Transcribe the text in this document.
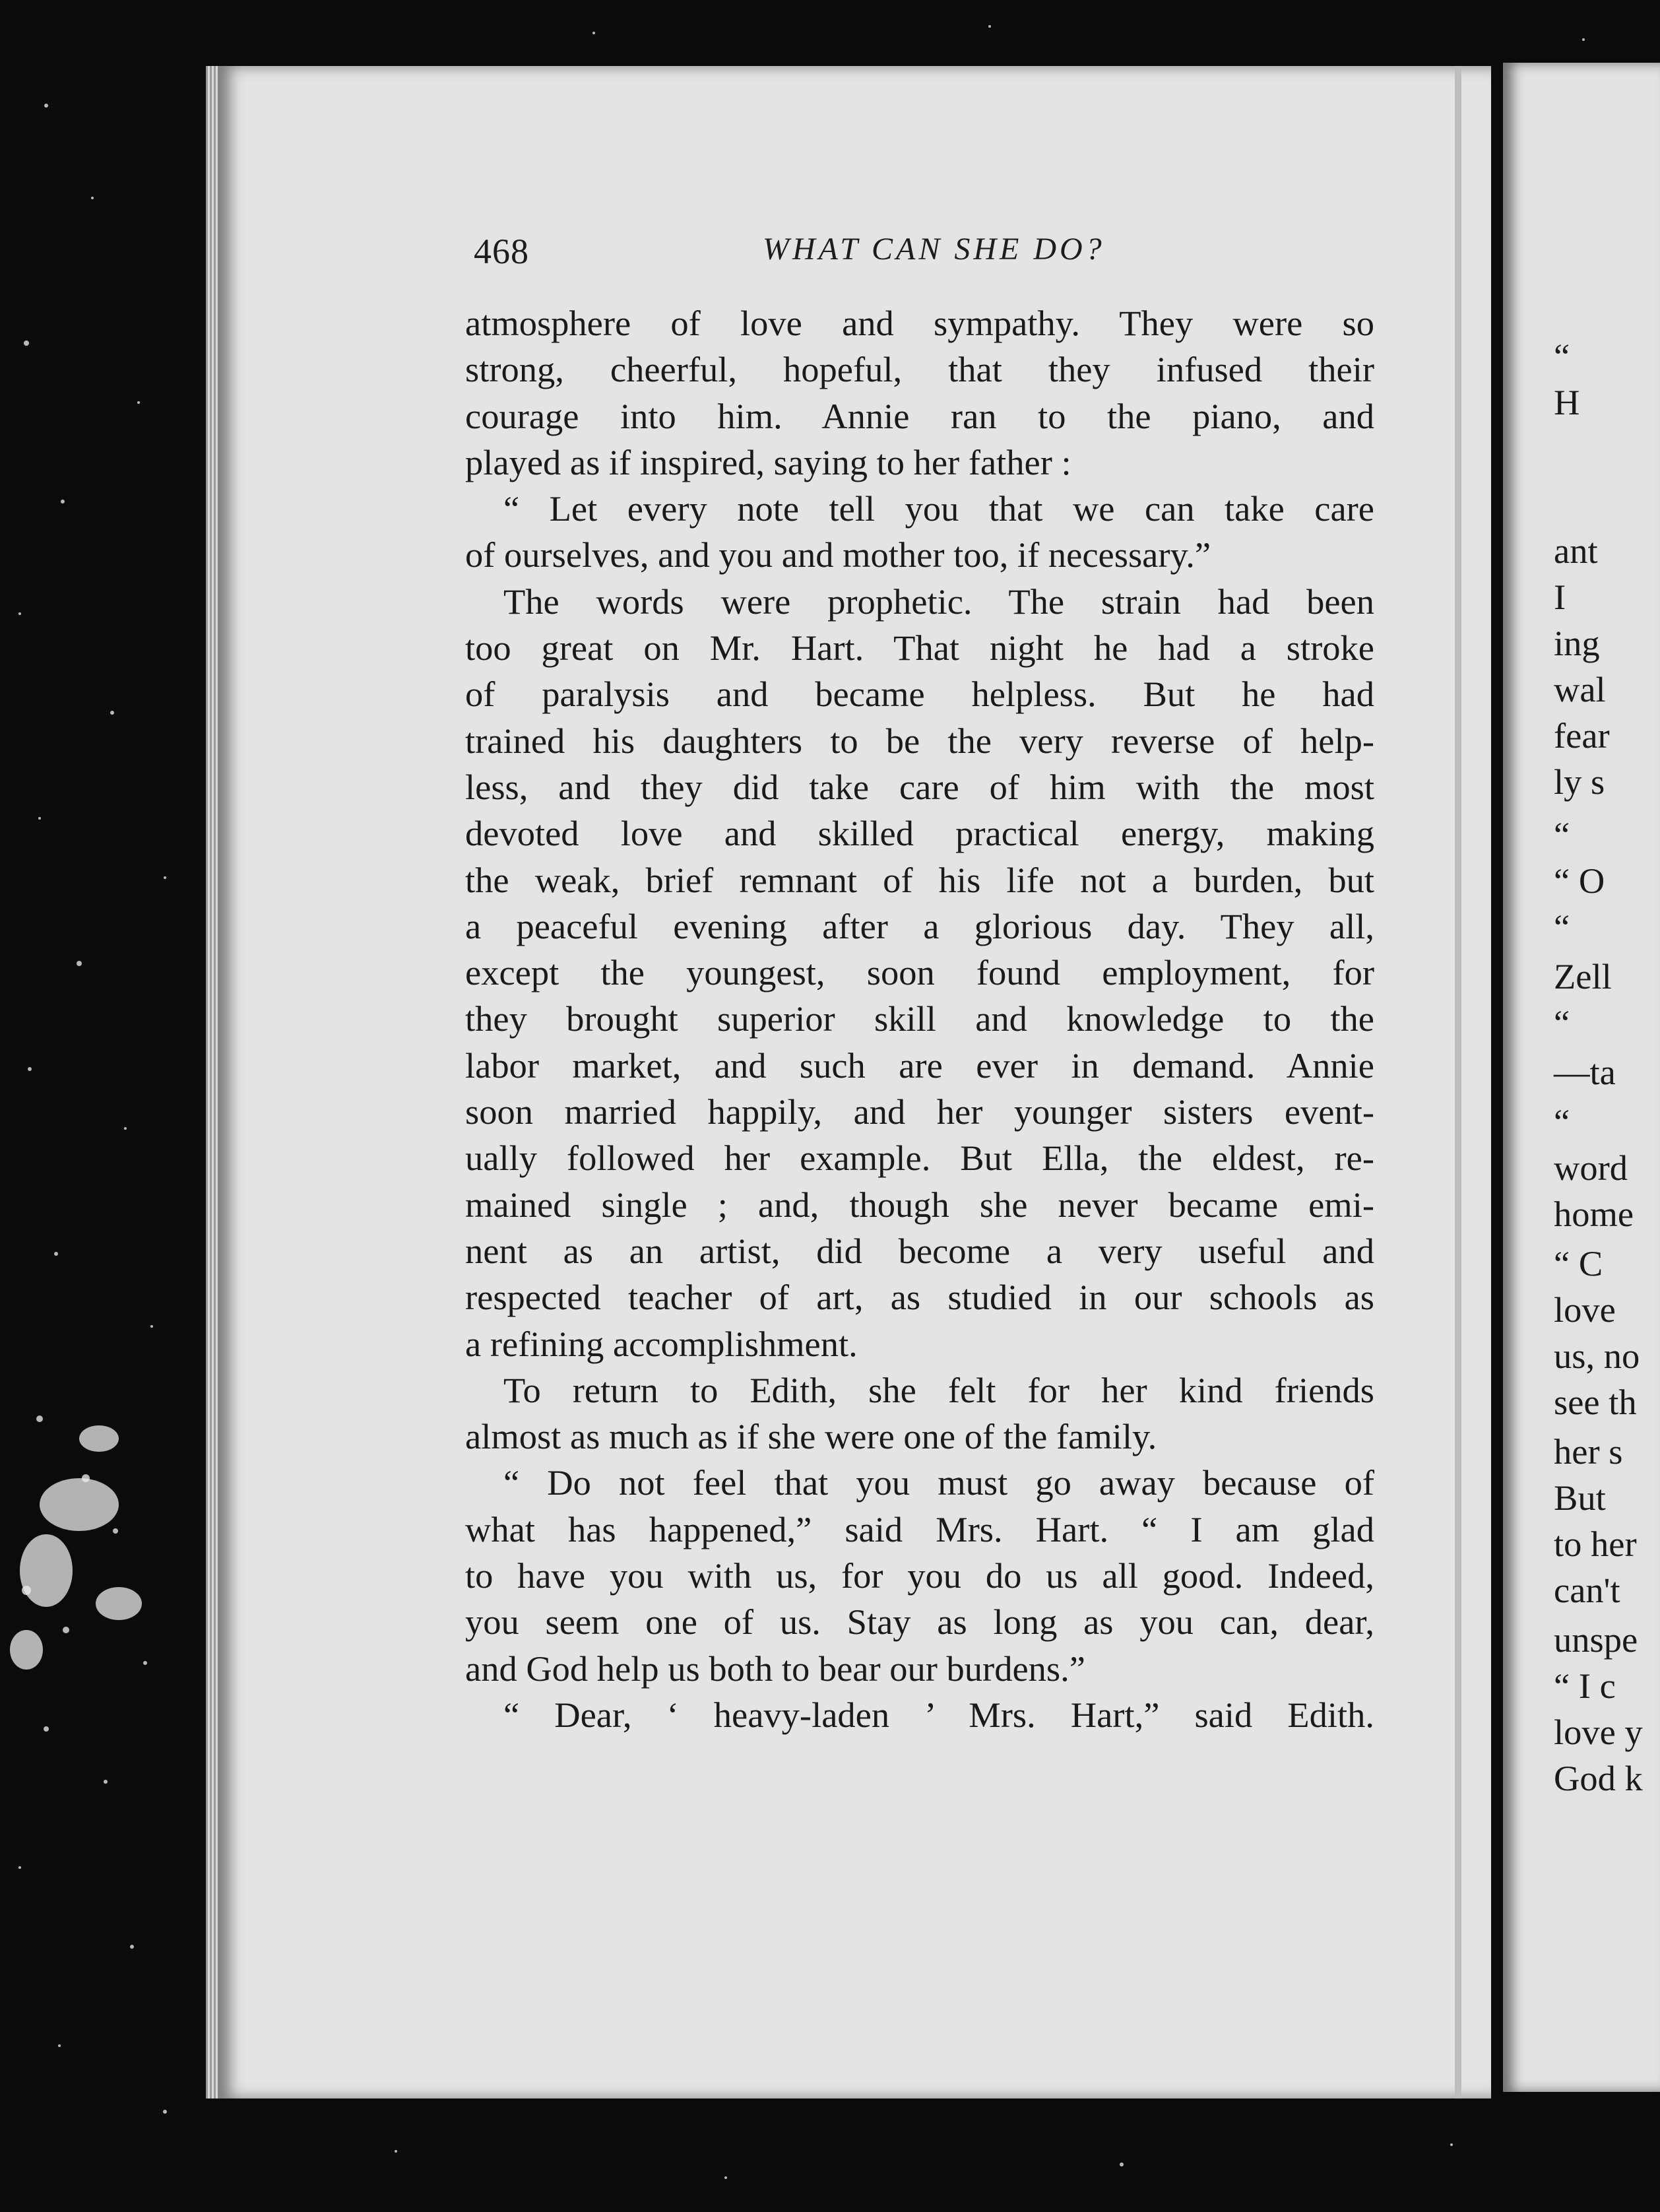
468	WHAT CAN SHE DO?
atmosphere of love and sympathy. They were so
strong, cheerful, hopeful, that they infused their
courage into him. Annie ran to the piano, and
played as if inspired, saying to her father :
“ Let every note tell you that we can take care
of ourselves, and you and mother too, if necessary.”
The words were prophetic. The strain had been
too great on Mr. Hart. That night he had a stroke
of paralysis and became helpless. But he had
trained his daughters to be the very reverse of help-
less, and they did take care of him with the most
devoted love and skilled practical energy, making
the weak, brief remnant of his life not a burden, but
a peaceful evening after a glorious day. They all,
except the youngest, soon found employment, for
they brought superior skill and knowledge to the
labor market, and such are ever in demand. Annie
soon married happily, and her younger sisters event-
ually followed her example. But Ella, the eldest, re-
mained single ; and, though she never became emi-
nent as an artist, did become a very useful and
respected teacher of art, as studied in our schools as
a refining accomplishment.
To return to Edith, she felt for her kind friends
almost as much as if she were one of the family.
“ Do not feel that you must go away because of
what has happened,” said Mrs. Hart. “ I am glad
to have you with us, for you do us all good. Indeed,
you seem one of us. Stay as long as you can, dear,
and God help us both to bear our burdens.”
“ Dear, ‘ heavy-laden ’ Mrs. Hart,” said Edith.
“
H
ant
I
ing
wal
fear
ly s
“
“ O
“
Zell
“
—ta
“
word
home
“ C
love
us, no
see th
her s
But
to her
can't
unspe
“ I c
love y
God k
